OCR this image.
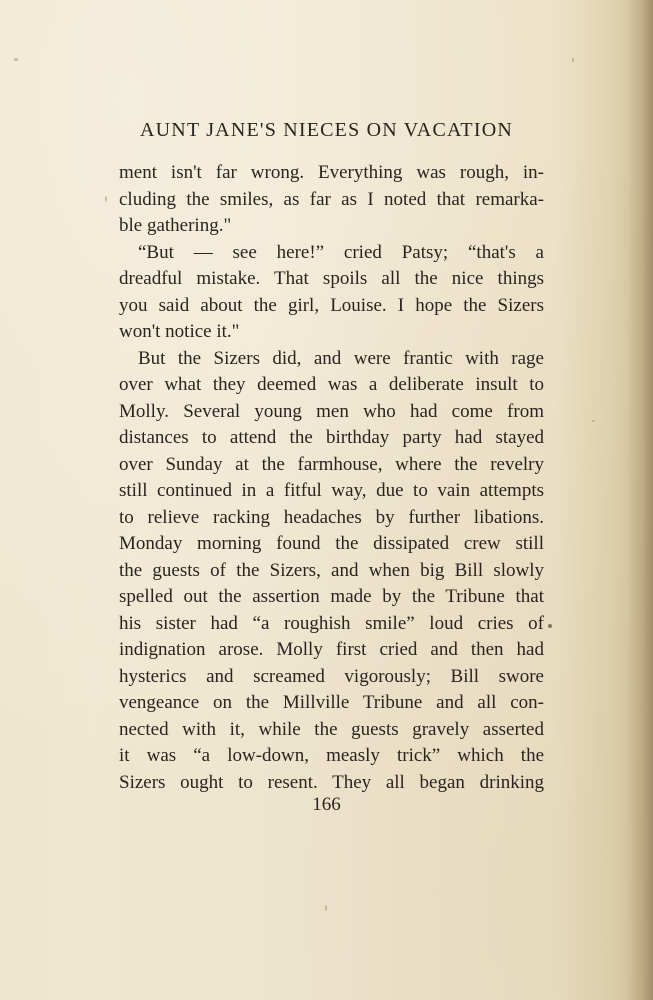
AUNT JANE'S NIECES ON VACATION
ment isn't far wrong. Everything was rough, in-
cluding the smiles, as far as I noted that remarka-
ble gathering."
“But — see here!” cried Patsy; “that's a
dreadful mistake. That spoils all the nice things
you said about the girl, Louise. I hope the Sizers
won't notice it."
But the Sizers did, and were frantic with rage
over what they deemed was a deliberate insult to
Molly. Several young men who had come from
distances to attend the birthday party had stayed
over Sunday at the farmhouse, where the revelry
still continued in a fitful way, due to vain attempts
to relieve racking headaches by further libations.
Monday morning found the dissipated crew still
the guests of the Sizers, and when big Bill slowly
spelled out the assertion made by the Tribune that
his sister had “a roughish smile” loud cries of
indignation arose. Molly first cried and then had
hysterics and screamed vigorously; Bill swore
vengeance on the Millville Tribune and all con-
nected with it, while the guests gravely asserted
it was “a low-down, measly trick” which the
Sizers ought to resent. They all began drinking
166
